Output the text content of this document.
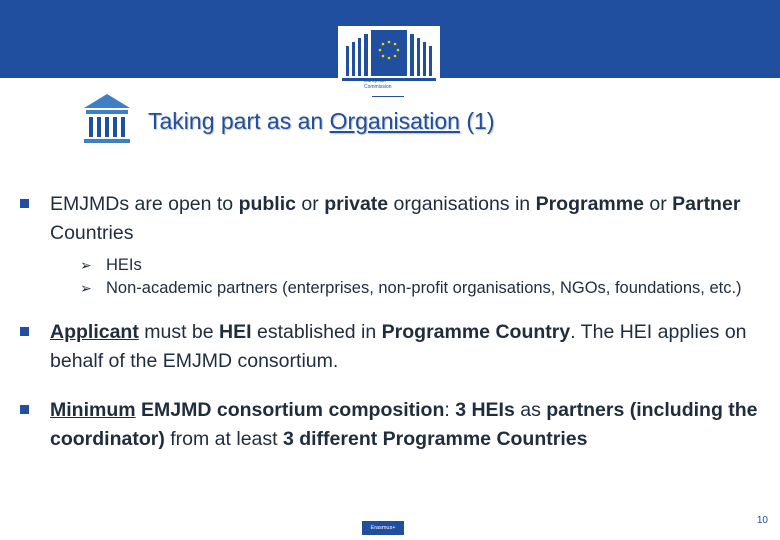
European Commission
Taking part as an Organisation (1)
EMJMDs are open to public or private organisations in Programme or Partner Countries
➢ HEIs
➢ Non-academic partners (enterprises, non-profit organisations, NGOs, foundations, etc.)
Applicant must be HEI established in Programme Country. The HEI applies on behalf of the EMJMD consortium.
Minimum EMJMD consortium composition: 3 HEIs as partners (including the coordinator) from at least 3 different Programme Countries
Erasmus+
10
